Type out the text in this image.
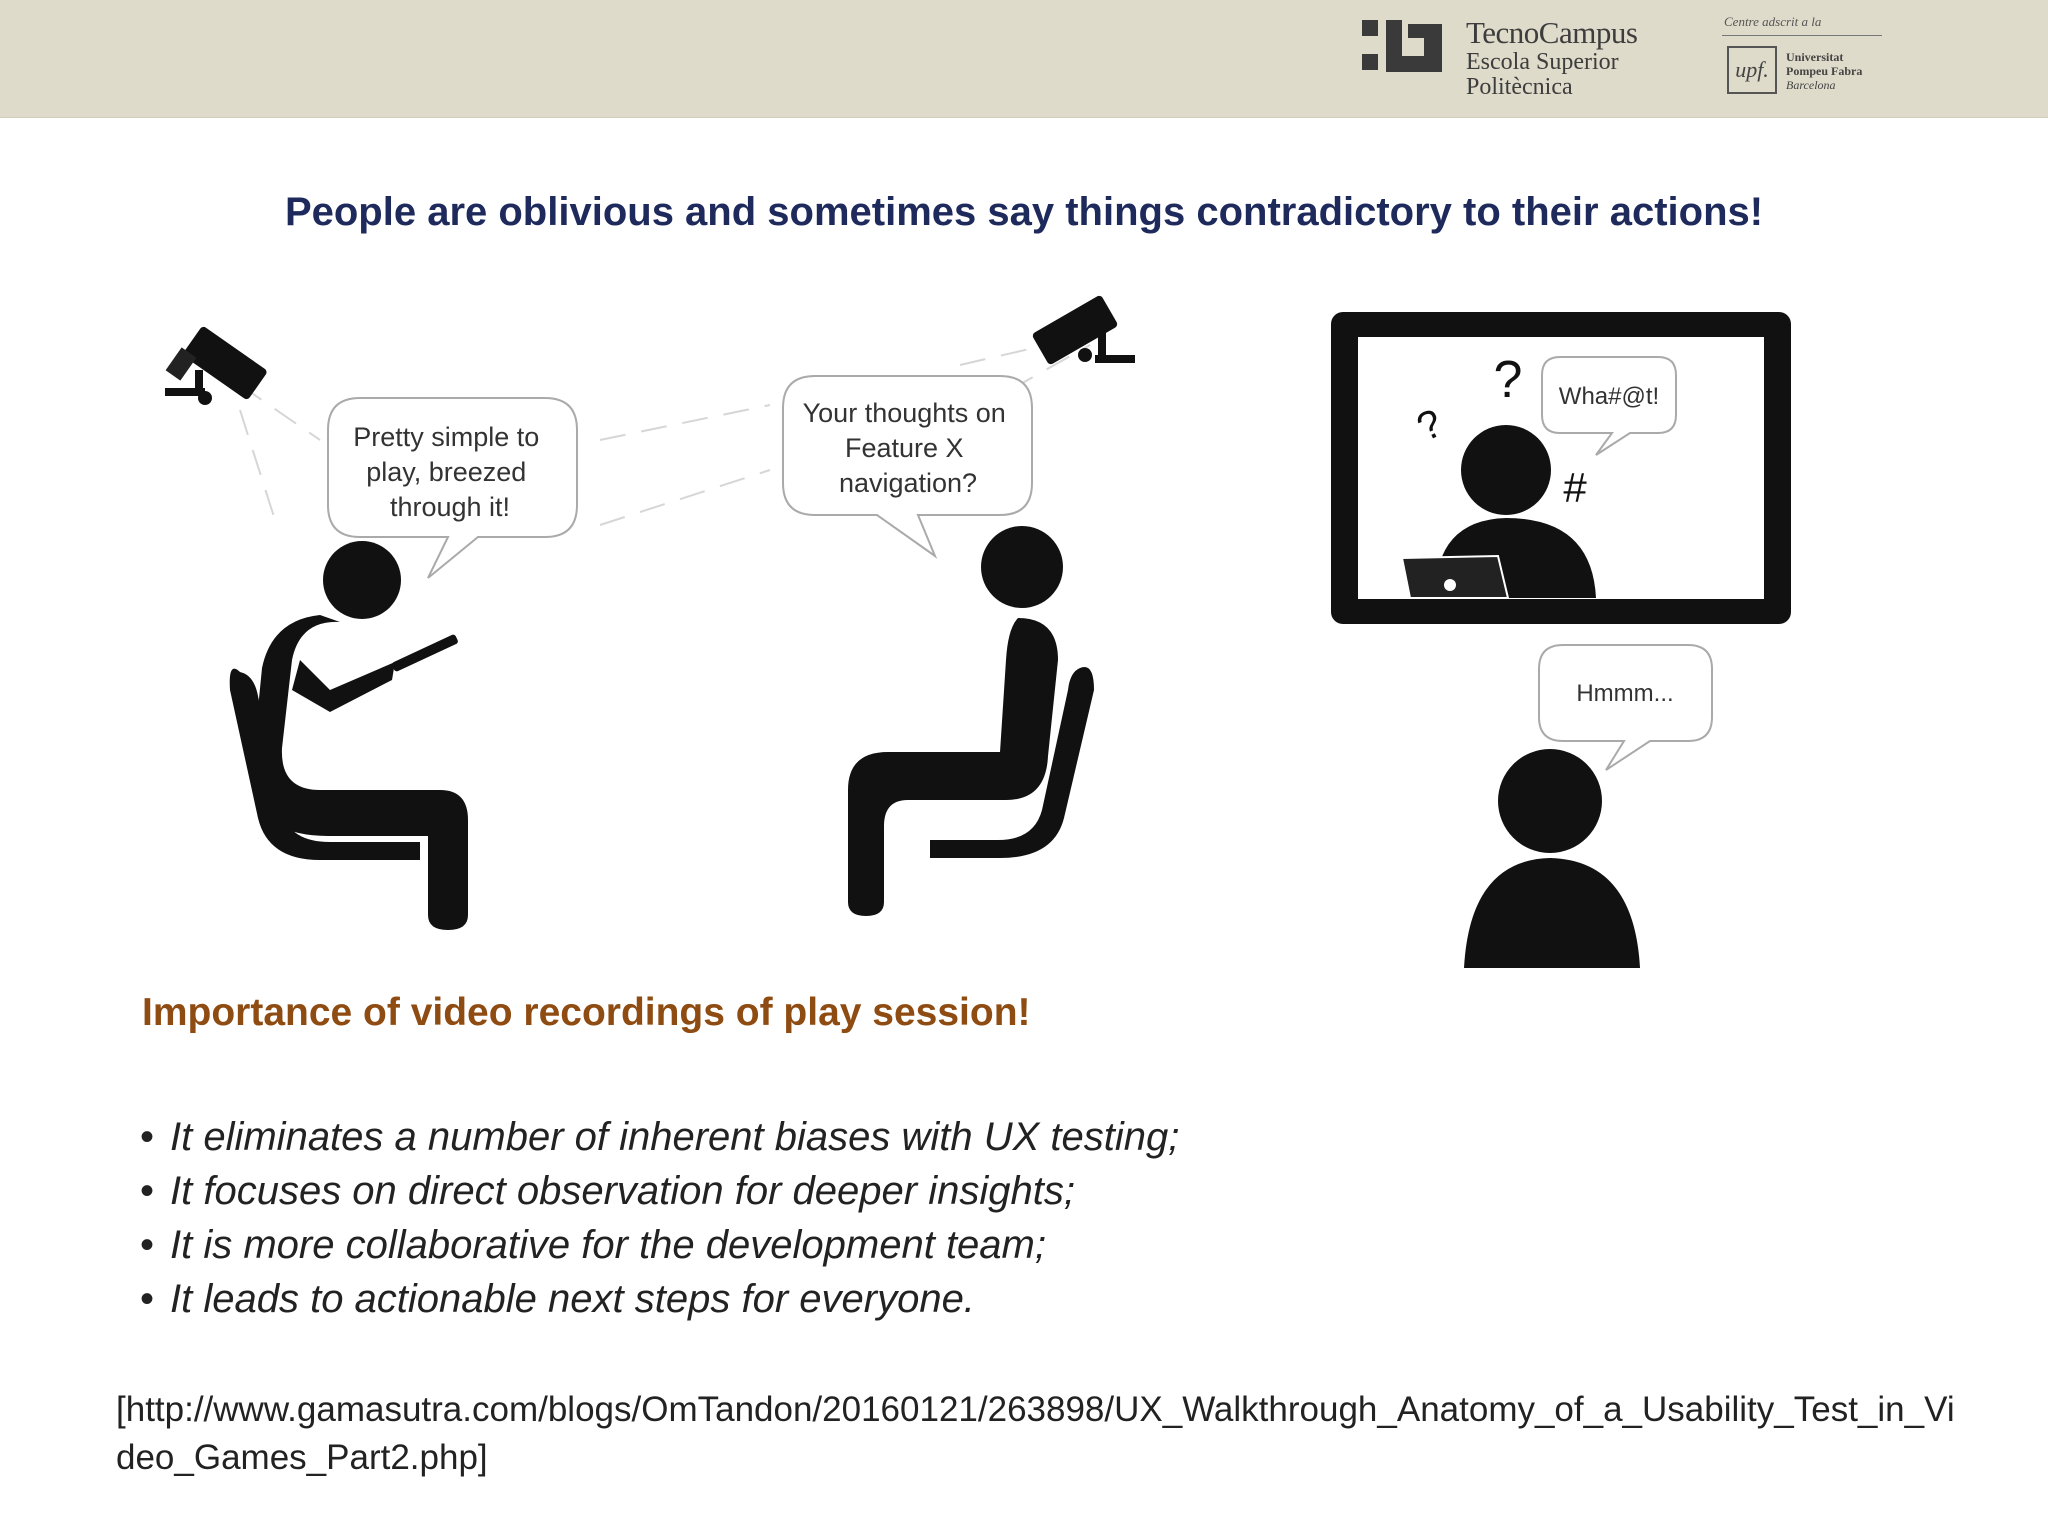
TecnoCampus
Escola Superior
Politècnica
Centre adscrit a la
upf.	Universitat
Pompeu Fabra
Barcelona
People are oblivious and sometimes say things contradictory to their actions!
Pretty simple to play, breezed through it!
Your thoughts on Feature X navigation?
?
?
#
Wha#@t!
Hmmm...
Importance of video recordings of play session!
• It eliminates a number of inherent biases with UX testing;
• It focuses on direct observation for deeper insights;
• It is more collaborative for the development team;
• It leads to actionable next steps for everyone.
[http://www.gamasutra.com/blogs/OmTandon/20160121/263898/UX_Walkthrough_Anatomy_of_a_Usability_Test_in_Video_Games_Part2.php]
